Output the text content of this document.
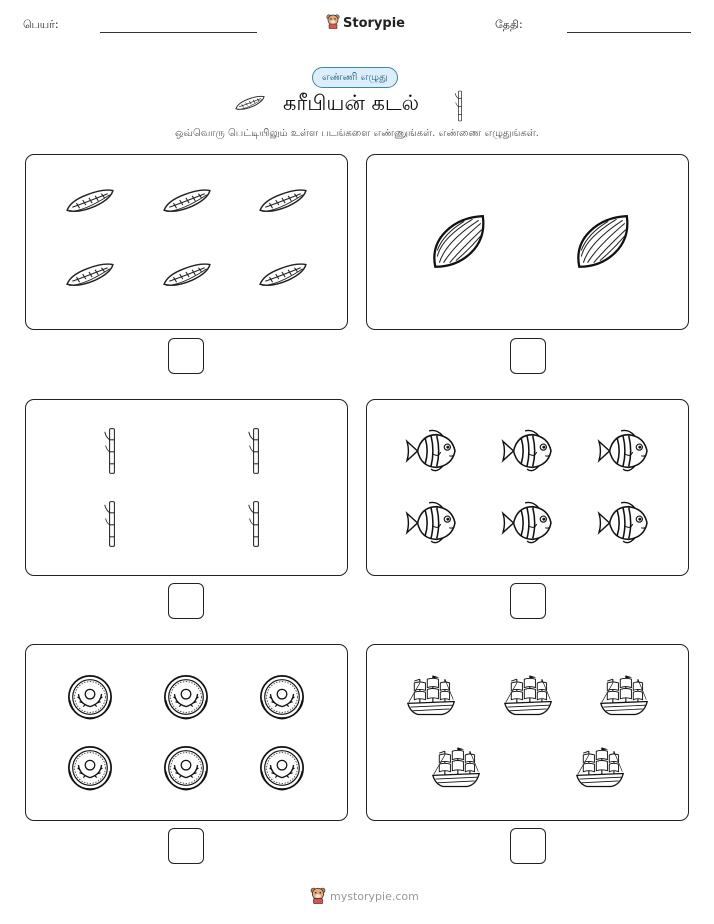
பெயர்:	Storypie	தேதி:
எண்ணி எழுது
கரீபியன் கடல்
ஒவ்வொரு பெட்டியிலும் உள்ள படங்களை எண்ணுங்கள். எண்ணை எழுதுங்கள்.
mystorypie.com
